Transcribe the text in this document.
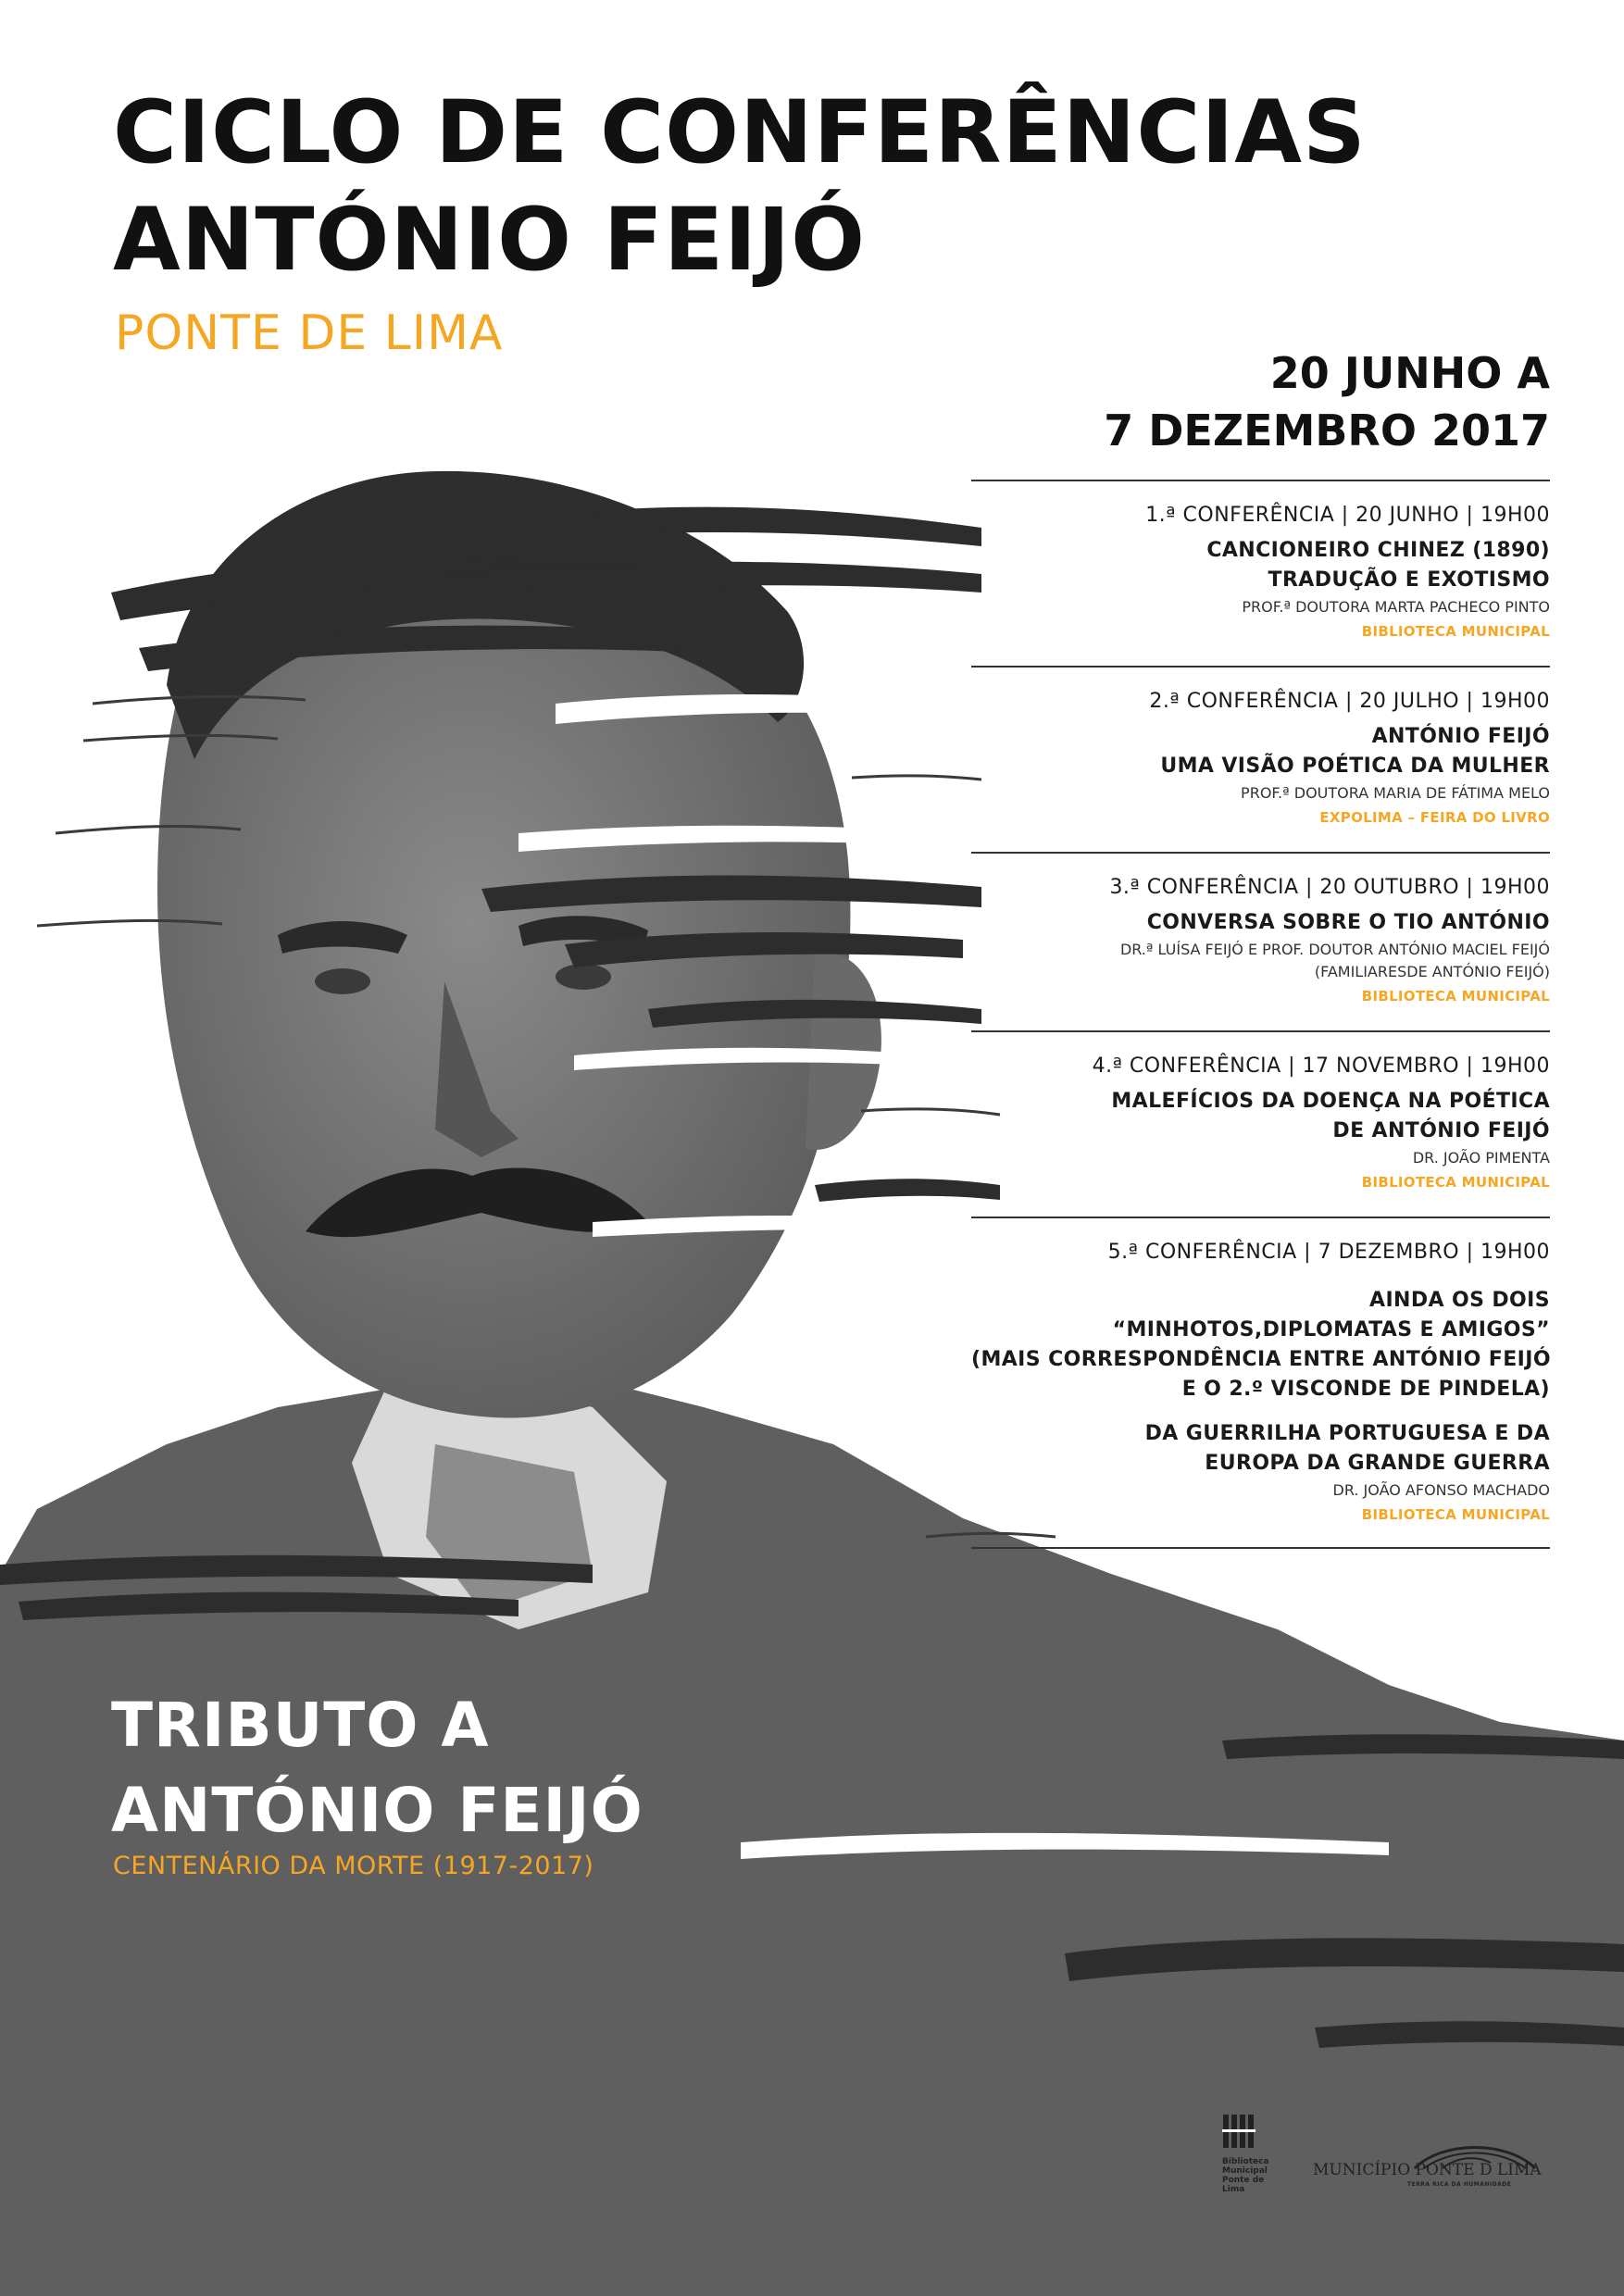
CICLO DE CONFERÊNCIAS
ANTÓNIO FEIJÓ
PONTE DE LIMA
20 JUNHO A
7 DEZEMBRO 2017
1.ª CONFERÊNCIA | 20 JUNHO | 19H00
CANCIONEIRO CHINEZ (1890)
TRADUÇÃO E EXOTISMO
PROF.ª DOUTORA MARTA PACHECO PINTO
BIBLIOTECA MUNICIPAL
2.ª CONFERÊNCIA | 20 JULHO | 19H00
ANTÓNIO FEIJÓ
UMA VISÃO POÉTICA DA MULHER
PROF.ª DOUTORA MARIA DE FÁTIMA MELO
EXPOLIMA – FEIRA DO LIVRO
3.ª CONFERÊNCIA | 20 OUTUBRO | 19H00
CONVERSA SOBRE O TIO ANTÓNIO
DR.ª LUÍSA FEIJÓ E PROF. DOUTOR ANTÓNIO MACIEL FEIJÓ
(FAMILIARESDE ANTÓNIO FEIJÓ)
BIBLIOTECA MUNICIPAL
4.ª CONFERÊNCIA | 17 NOVEMBRO | 19H00
MALEFÍCIOS DA DOENÇA NA POÉTICA
DE ANTÓNIO FEIJÓ
DR. JOÃO PIMENTA
BIBLIOTECA MUNICIPAL
5.ª CONFERÊNCIA | 7 DEZEMBRO | 19H00
AINDA OS DOIS
“MINHOTOS,DIPLOMATAS E AMIGOS”
(MAIS CORRESPONDÊNCIA ENTRE ANTÓNIO FEIJÓ
E O 2.º VISCONDE DE PINDELA)
DA GUERRILHA PORTUGUESA E DA
EUROPA DA GRANDE GUERRA
DR. JOÃO AFONSO MACHADO
BIBLIOTECA MUNICIPAL
TRIBUTO A
ANTÓNIO FEIJÓ
CENTENÁRIO DA MORTE (1917-2017)
Biblioteca
Municipal
Ponte de Lima
MUNICÍPIO PONTE D LIMA
TERRA RICA DA HUMANIDADE
